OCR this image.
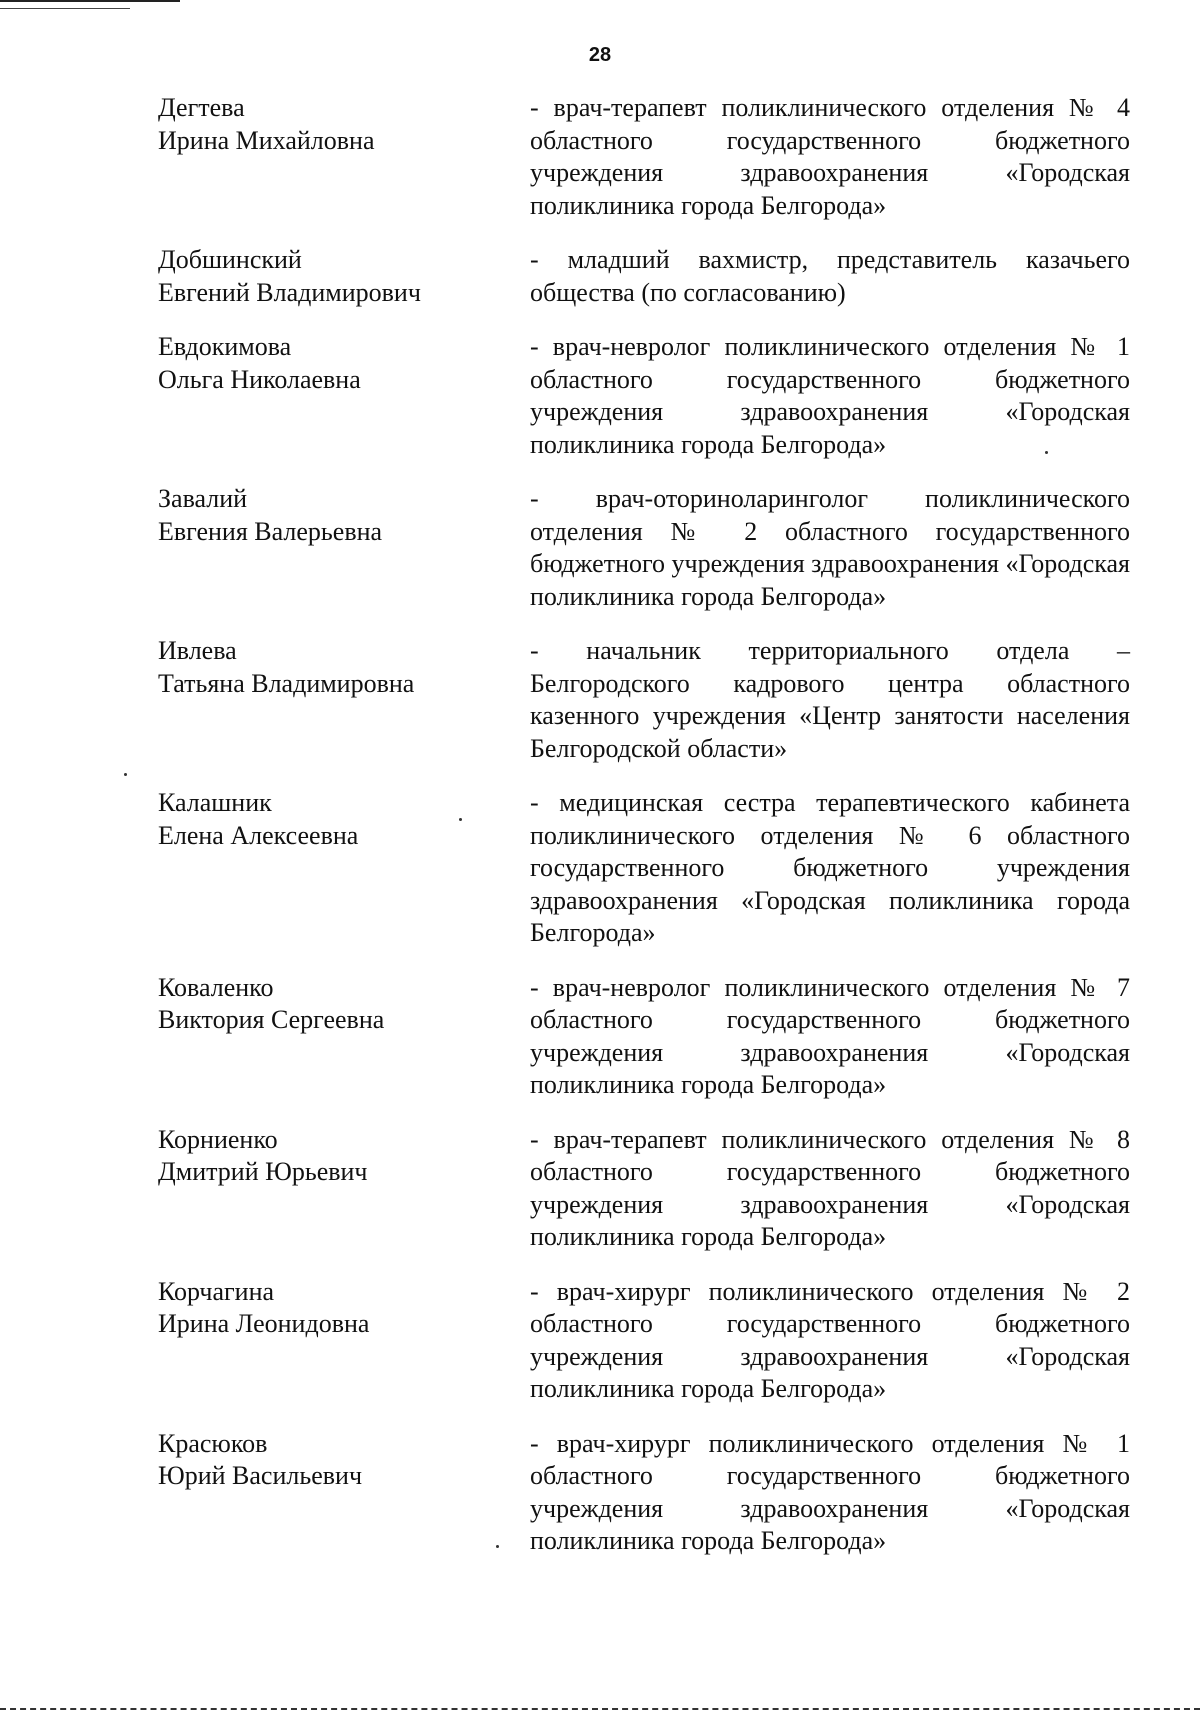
28
Дегтева
Ирина Михайловна
- врач-терапевт поликлинического отделения № 4 областного государственного бюджетного учреждения здравоохранения «Городская поликлиника города Белгорода»
Добшинский
Евгений Владимирович
- младший вахмистр, представитель казачьего общества (по согласованию)
Евдокимова
Ольга Николаевна
- врач-невролог поликлинического отделения № 1 областного государственного бюджетного учреждения здравоохранения «Городская поликлиника города Белгорода»
Завалий
Евгения Валерьевна
- врач-оториноларинголог поликлинического отделения № 2 областного государственного бюджетного учреждения здравоохранения «Городская поликлиника города Белгорода»
Ивлева
Татьяна Владимировна
- начальник территориального отдела – Белгородского кадрового центра областного казенного учреждения «Центр занятости населения Белгородской области»
Калашник
Елена Алексеевна
- медицинская сестра терапевтического кабинета поликлинического отделения № 6 областного государственного бюджетного учреждения здравоохранения «Городская поликлиника города Белгорода»
Коваленко
Виктория Сергеевна
- врач-невролог поликлинического отделения № 7 областного государственного бюджетного учреждения здравоохранения «Городская поликлиника города Белгорода»
Корниенко
Дмитрий Юрьевич
- врач-терапевт поликлинического отделения № 8 областного государственного бюджетного учреждения здравоохранения «Городская поликлиника города Белгорода»
Корчагина
Ирина Леонидовна
- врач-хирург поликлинического отделения № 2 областного государственного бюджетного учреждения здравоохранения «Городская поликлиника города Белгорода»
Красюков
Юрий Васильевич
- врач-хирург поликлинического отделения № 1 областного государственного бюджетного учреждения здравоохранения «Городская поликлиника города Белгорода»
